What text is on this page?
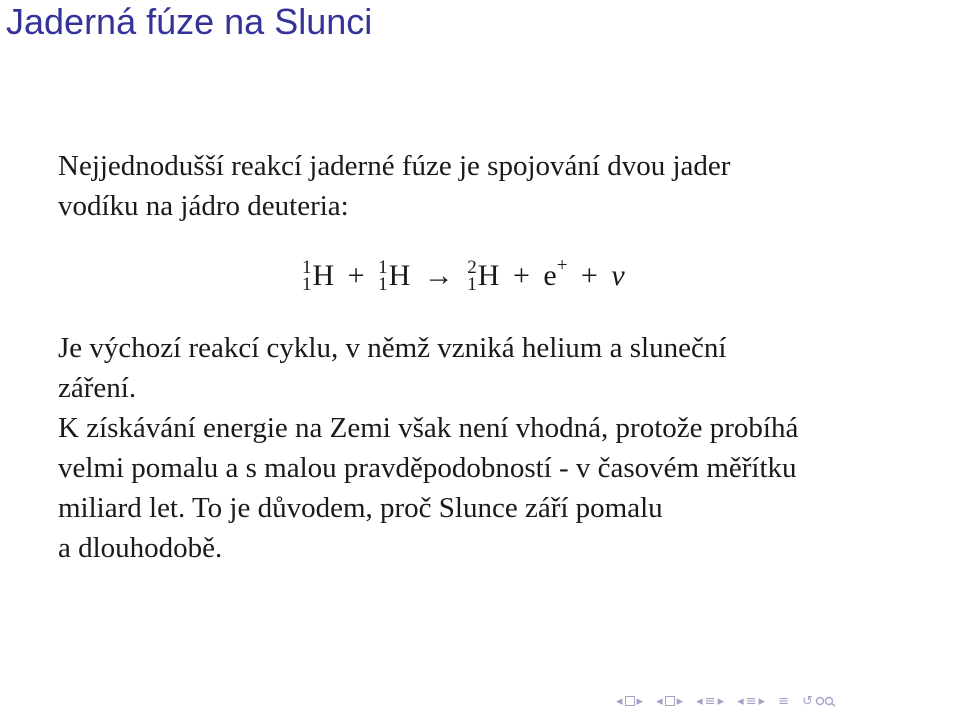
Jaderná fúze na Slunci
Nejjednodušší reakcí jaderné fúze je spojování dvou jader
vodíku na jádro deuteria:
1
1 H + 1
1 H → 2
1 H + e+ + ν
Je výchozí reakcí cyklu, v němž vzniká helium a sluneční
záření.
K získávání energie na Zemi však není vhodná, protože probíhá
velmi pomalu a s malou pravděpodobností - v časovém měřítku
miliard let. To je důvodem, proč Slunce září pomalu
a dlouhodobě.
◂ ▸ ◂ ▸ ◂ ≡ ▸ ◂ ≡ ▸ ≡ ↺
